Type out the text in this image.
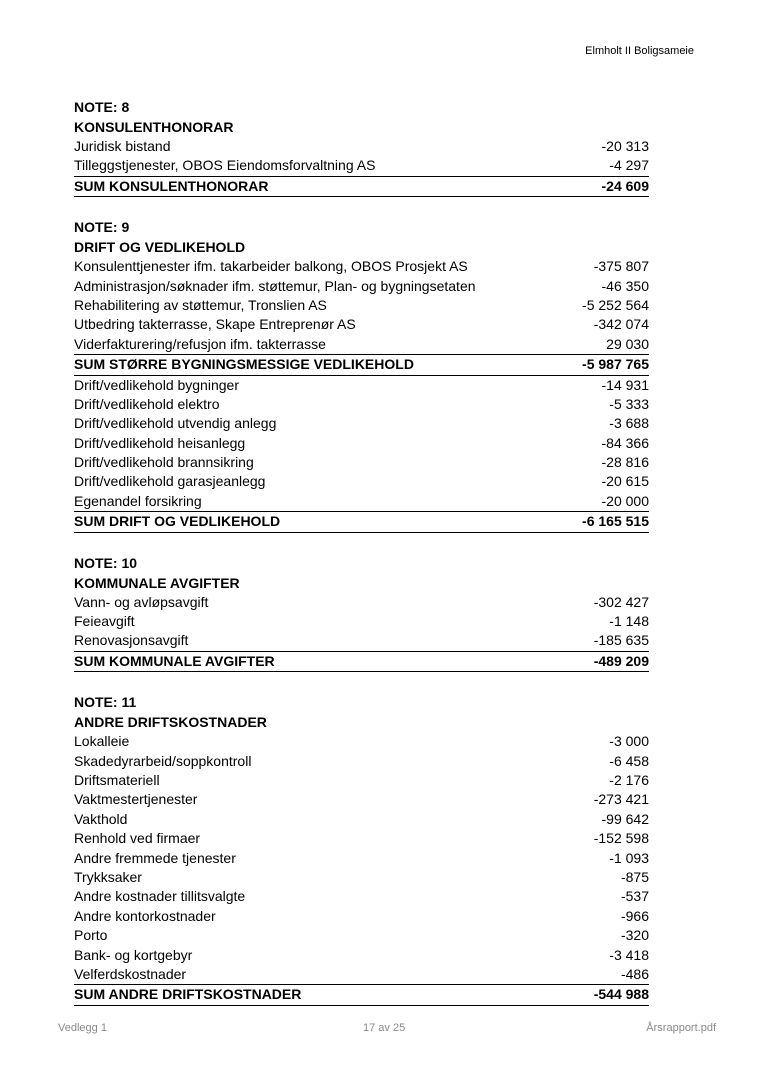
Elmholt II Boligsameie
NOTE: 8
KONSULENTHONORAR
Juridisk bistand	-20 313
Tilleggstjenester, OBOS Eiendomsforvaltning AS	-4 297
SUM KONSULENTHONORAR	-24 609
NOTE: 9
DRIFT OG VEDLIKEHOLD
Konsulenttjenester ifm. takarbeider balkong, OBOS Prosjekt AS	-375 807
Administrasjon/søknader ifm. støttemur, Plan- og bygningsetaten	-46 350
Rehabilitering av støttemur, Tronslien AS	-5 252 564
Utbedring takterrasse, Skape Entreprenør AS	-342 074
Viderfakturering/refusjon ifm. takterrasse	29 030
SUM STØRRE BYGNINGSMESSIGE VEDLIKEHOLD	-5 987 765
Drift/vedlikehold bygninger	-14 931
Drift/vedlikehold elektro	-5 333
Drift/vedlikehold utvendig anlegg	-3 688
Drift/vedlikehold heisanlegg	-84 366
Drift/vedlikehold brannsikring	-28 816
Drift/vedlikehold garasjeanlegg	-20 615
Egenandel forsikring	-20 000
SUM DRIFT OG VEDLIKEHOLD	-6 165 515
NOTE: 10
KOMMUNALE AVGIFTER
Vann- og avløpsavgift	-302 427
Feieavgift	-1 148
Renovasjonsavgift	-185 635
SUM KOMMUNALE AVGIFTER	-489 209
NOTE: 11
ANDRE DRIFTSKOSTNADER
Lokalleie	-3 000
Skadedyrarbeid/soppkontroll	-6 458
Driftsmateriell	-2 176
Vaktmestertjenester	-273 421
Vakthold	-99 642
Renhold ved firmaer	-152 598
Andre fremmede tjenester	-1 093
Trykksaker	-875
Andre kostnader tillitsvalgte	-537
Andre kontorkostnader	-966
Porto	-320
Bank- og kortgebyr	-3 418
Velferdskostnader	-486
SUM ANDRE DRIFTSKOSTNADER	-544 988
Vedlegg 1	17 av 25	Årsrapport.pdf
